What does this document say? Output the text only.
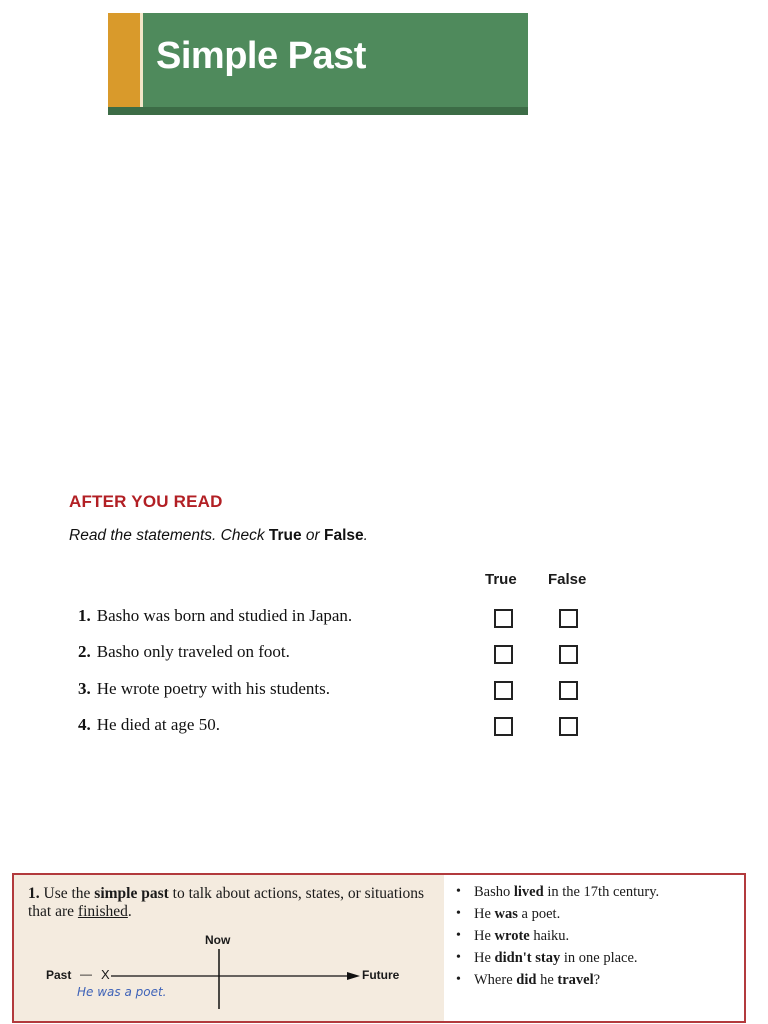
Simple Past
AFTER YOU READ
Read the statements. Check True or False.
True False
1. Basho was born and studied in Japan.
2. Basho only traveled on foot.
3. He wrote poetry with his students.
4. He died at age 50.
1. Use the simple past to talk about actions, states, or situations that are finished.
Now
Past — X	Future
He was a poet.
• Basho lived in the 17th century.
• He was a poet.
• He wrote haiku.
• He didn't stay in one place.
• Where did he travel?
